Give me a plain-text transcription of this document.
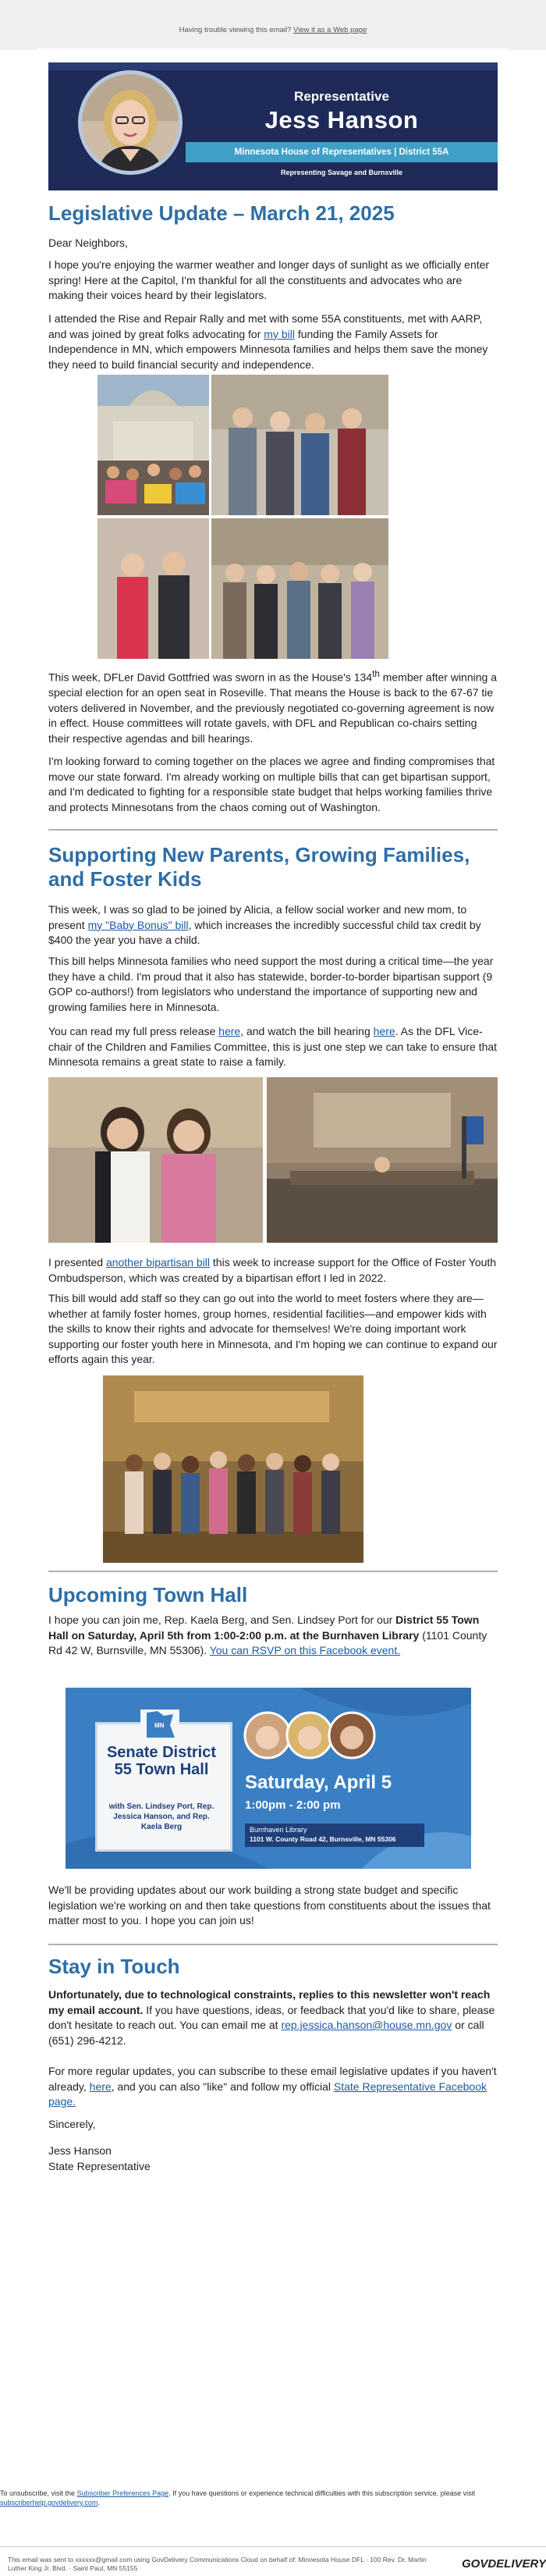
Having trouble viewing this email? View it as a Web page
Representative
Jess Hanson
Minnesota House of Representatives | District 55A
Representing Savage and Burnsville
Legislative Update – March 21, 2025

Dear Neighbors,

I hope you're enjoying the warmer weather and longer days of sunlight as we officially enter spring! Here at the Capitol, I'm thankful for all the constituents and advocates who are making their voices heard by their legislators.

I attended the Rise and Repair Rally and met with some 55A constituents, met with AARP, and was joined by great folks advocating for my bill funding the Family Assets for Independence in MN, which empowers Minnesota families and helps them save the money they need to build financial security and independence.

This week, DFLer David Gottfried was sworn in as the House's 134th member after winning a special election for an open seat in Roseville. That means the House is back to the 67-67 tie voters delivered in November, and the previously negotiated co-governing agreement is now in effect. House committees will rotate gavels, with DFL and Republican co-chairs setting their respective agendas and bill hearings.

I'm looking forward to coming together on the places we agree and finding compromises that move our state forward. I'm already working on multiple bills that can get bipartisan support, and I'm dedicated to fighting for a responsible state budget that helps working families thrive and protects Minnesotans from the chaos coming out of Washington.

Supporting New Parents, Growing Families, and Foster Kids

This week, I was so glad to be joined by Alicia, a fellow social worker and new mom, to present my "Baby Bonus" bill, which increases the incredibly successful child tax credit by $400 the year you have a child.

This bill helps Minnesota families who need support the most during a critical time—the year they have a child. I'm proud that it also has statewide, border-to-border bipartisan support (9 GOP co-authors!) from legislators who understand the importance of supporting new and growing families here in Minnesota.

You can read my full press release here, and watch the bill hearing here. As the DFL Vice-chair of the Children and Families Committee, this is just one step we can take to ensure that Minnesota remains a great state to raise a family.

I presented another bipartisan bill this week to increase support for the Office of Foster Youth Ombudsperson, which was created by a bipartisan effort I led in 2022.

This bill would add staff so they can go out into the world to meet fosters where they are—whether at family foster homes, group homes, residential facilities—and empower kids with the skills to know their rights and advocate for themselves! We're doing important work supporting our foster youth here in Minnesota, and I'm hoping we can continue to expand our efforts again this year.

Upcoming Town Hall

I hope you can join me, Rep. Kaela Berg, and Sen. Lindsey Port for our District 55 Town Hall on Saturday, April 5th from 1:00-2:00 p.m. at the Burnhaven Library (1101 County Rd 42 W, Burnsville, MN 55306). You can RSVP on this Facebook event.

MN
Senate District 55 Town Hall
with Sen. Lindsey Port, Rep. Jessica Hanson, and Rep. Kaela Berg
Saturday, April 5
1:00pm - 2:00 pm
Burnhaven Library
1101 W. County Road 42, Burnsville, MN 55306

We'll be providing updates about our work building a strong state budget and specific legislation we're working on and then take questions from constituents about the issues that matter most to you. I hope you can join us!

Stay in Touch

Unfortunately, due to technological constraints, replies to this newsletter won't reach my email account. If you have questions, ideas, or feedback that you'd like to share, please don't hesitate to reach out. You can email me at rep.jessica.hanson@house.mn.gov or call (651) 296-4212.

For more regular updates, you can subscribe to these email legislative updates if you haven't already, here, and you can also "like" and follow my official State Representative Facebook page.

Sincerely,

Jess Hanson

State Representative

To unsubscribe, visit the Subscriber Preferences Page. If you have questions or experience technical difficulties with this subscription service, please visit subscriberhelp.govdelivery.com.
This email was sent to xxxxxx@gmail.com using GovDelivery Communications Cloud on behalf of: Minnesota House DFL · 100 Rev. Dr. Martin Luther King Jr. Blvd. · Saint Paul, MN 55155	GOVDELIVERY
